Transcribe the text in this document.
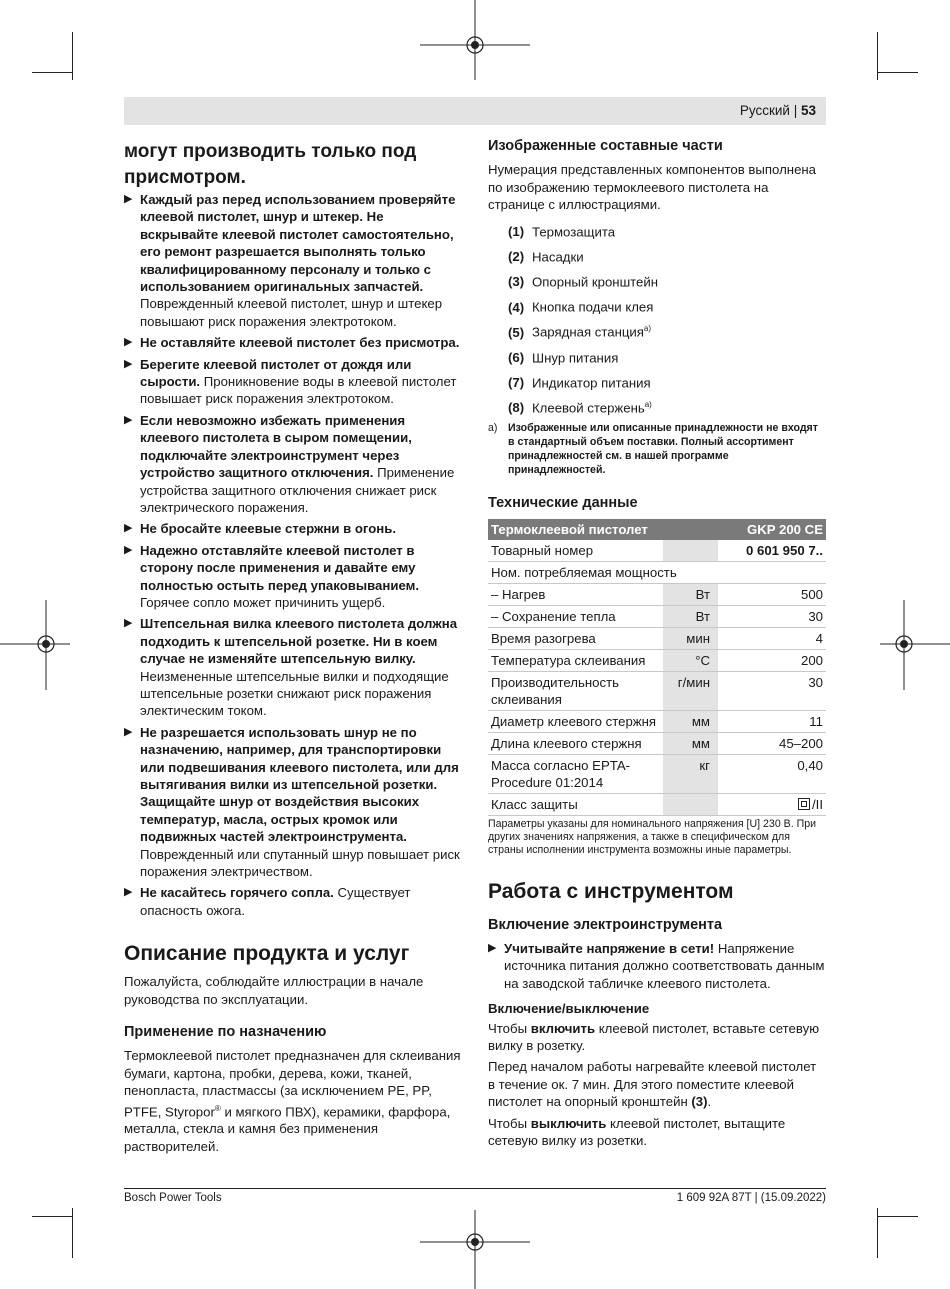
Русский | 53

могут производить только под присмотром.

▶ Каждый раз перед использованием проверяйте клеевой пистолет, шнур и штекер. Не вскрывайте клеевой пистолет самостоятельно, его ремонт разрешается выполнять только квалифицированному персоналу и только с использованием оригинальных запчастей. Поврежденный клеевой пистолет, шнур и штекер повышают риск поражения электротоком.
▶ Не оставляйте клеевой пистолет без присмотра.
▶ Берегите клеевой пистолет от дождя или сырости. Проникновение воды в клеевой пистолет повышает риск поражения электротоком.
▶ Если невозможно избежать применения клеевого пистолета в сыром помещении, подключайте электроинструмент через устройство защитного отключения. Применение устройства защитного отключения снижает риск электрического поражения.
▶ Не бросайте клеевые стержни в огонь.
▶ Надежно отставляйте клеевой пистолет в сторону после применения и давайте ему полностью остыть перед упаковыванием. Горячее сопло может причинить ущерб.
▶ Штепсельная вилка клеевого пистолета должна подходить к штепсельной розетке. Ни в коем случае не изменяйте штепсельную вилку. Неизмененные штепсельные вилки и подходящие штепсельные розетки снижают риск поражения электическим током.
▶ Не разрешается использовать шнур не по назначению, например, для транспортировки или подвешивания клеевого пистолета, или для вытягивания вилки из штепсельной розетки. Защищайте шнур от воздействия высоких температур, масла, острых кромок или подвижных частей электроинструмента. Поврежденный или спутанный шнур повышает риск поражения электричеством.
▶ Не касайтесь горячего сопла. Существует опасность ожога.
Описание продукта и услуг

Пожалуйста, соблюдайте иллюстрации в начале руководства по эксплуатации.

Применение по назначению

Термоклеевой пистолет предназначен для склеивания бумаги, картона, пробки, дерева, кожи, тканей, пенопласта, пластмассы (за исключением PE, PP, PTFE, Styropor® и мягкого ПВХ), керамики, фарфора, металла, стекла и камня без применения растворителей.

Изображенные составные части

Нумерация представленных компонентов выполнена по изображению термоклеевого пистолета на странице с иллюстрациями.

(1) Термозащита
(2) Насадки
(3) Опорный кронштейн
(4) Кнопка подачи клея
(5) Зарядная станция$^{a)}$
(6) Шнур питания
(7) Индикатор питания
(8) Клеевой стержень$^{a)}$
a) Изображенные или описанные принадлежности не входят в стандартный объем поставки. Полный ассортимент принадлежностей см. в нашей программе принадлежностей.
Технические данные
Термоклеевой пистолет		GKP 200 CE
Товарный номер		0 601 950 7..
Ном. потребляемая мощность		
– Нагрев	Вт	500
– Сохранение тепла	Вт	30
Время разогрева	мин	4
Температура склеивания	°C	200
Производительность склеивания	г/мин	30
Диаметр клеевого стержня	мм	11
Длина клеевого стержня	мм	45–200
Масса согласно EPTA-Procedure 01:2014	кг	0,40
Класс защиты		/II

Параметры указаны для номинального напряжения [U] 230 В. При других значениях напряжения, а также в специфическом для страны исполнении инструмента возможны иные параметры.

Работа с инструментом
Включение электроинструмента
▶ Учитывайте напряжение в сети! Напряжение источника питания должно соответствовать данным на заводской табличке клеевого пистолета.

Включение/выключение

Чтобы включить клеевой пистолет, вставьте сетевую вилку в розетку.

Перед началом работы нагревайте клеевой пистолет в течение ок. 7 мин. Для этого поместите клеевой пистолет на опорный кронштейн (3).

Чтобы выключить клеевой пистолет, вытащите сетевую вилку из розетки.

Bosch Power Tools	1 609 92A 87T | (15.09.2022)
